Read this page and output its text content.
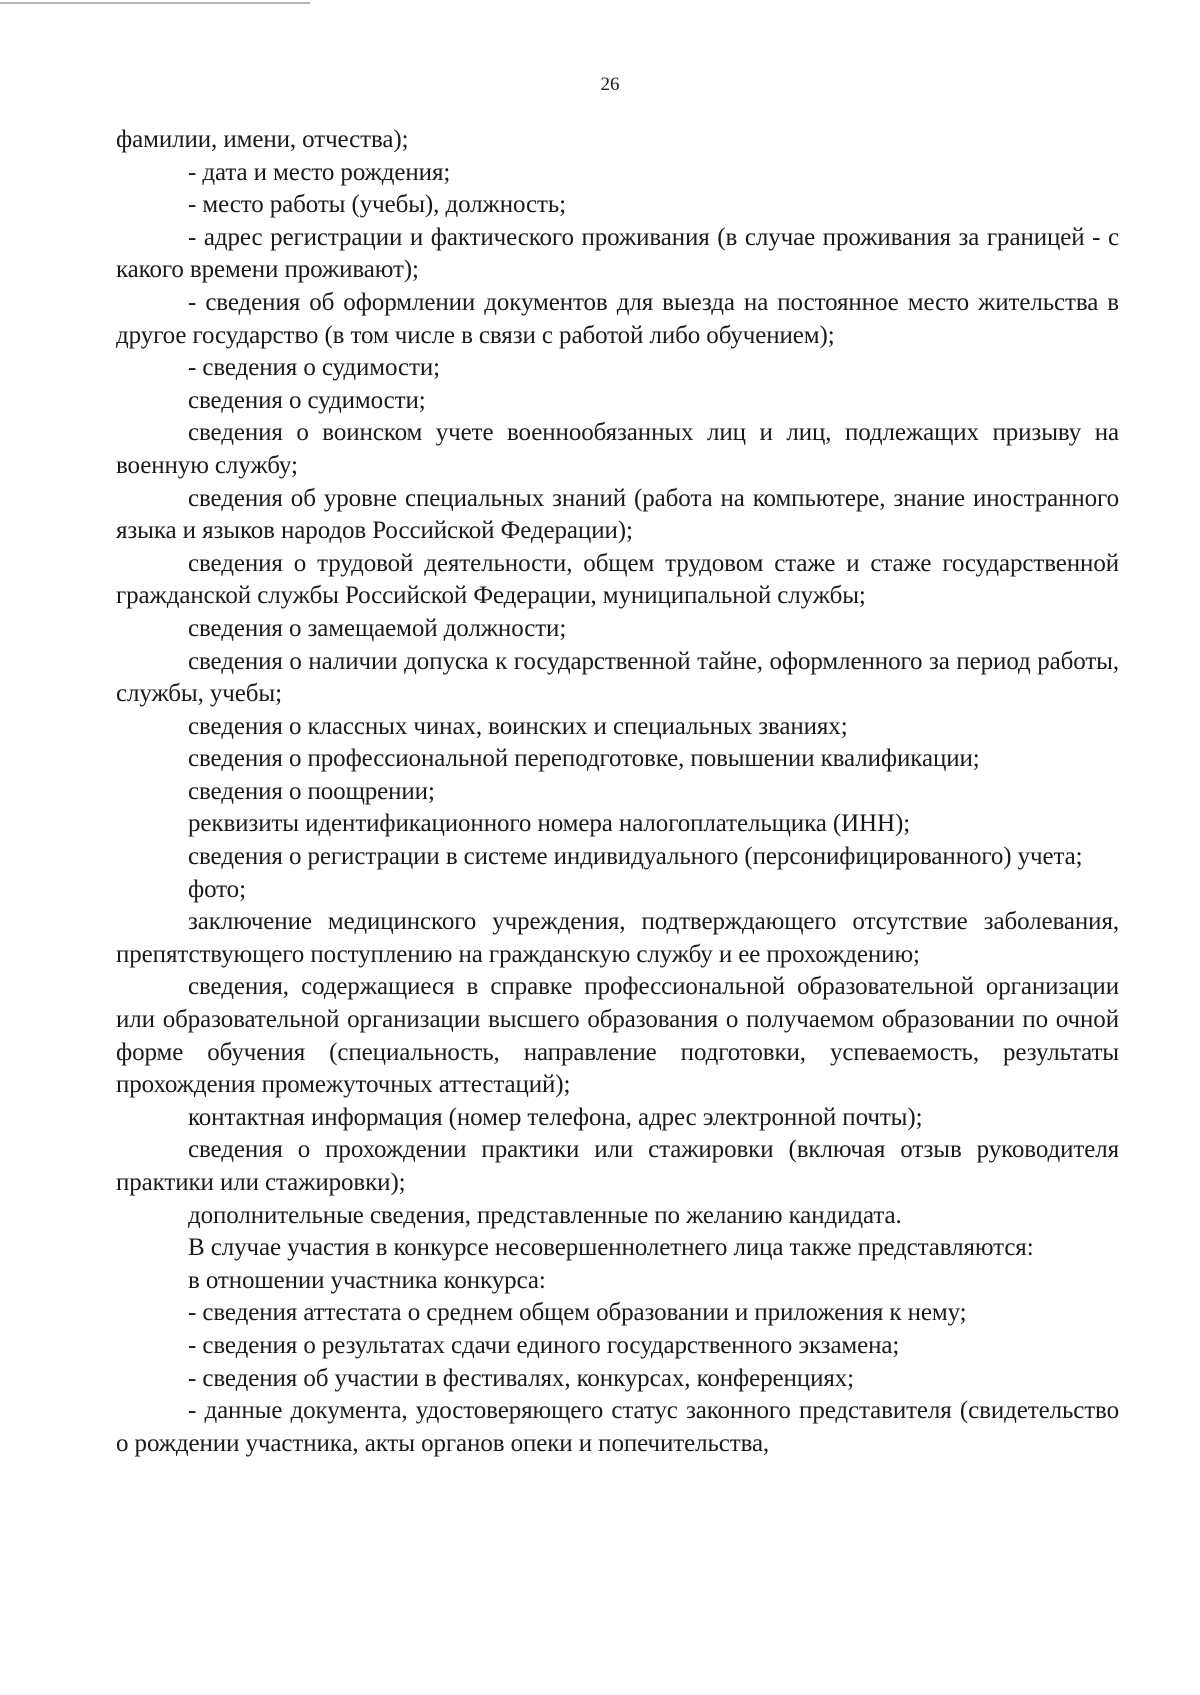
26

фамилии, имени, отчества);

- дата и место рождения;

- место работы (учебы), должность;

- адрес регистрации и фактического проживания (в случае проживания за границей - с какого времени проживают);

- сведения об оформлении документов для выезда на постоянное место жительства в другое государство (в том числе в связи с работой либо обучением);

- сведения о судимости;

сведения о судимости;

сведения о воинском учете военнообязанных лиц и лиц, подлежащих призыву на военную службу;

сведения об уровне специальных знаний (работа на компьютере, знание иностранного языка и языков народов Российской Федерации);

сведения о трудовой деятельности, общем трудовом стаже и стаже государственной гражданской службы Российской Федерации, муниципальной службы;

сведения о замещаемой должности;

сведения о наличии допуска к государственной тайне, оформленного за период работы, службы, учебы;

сведения о классных чинах, воинских и специальных званиях;

сведения о профессиональной переподготовке, повышении квалификации;

сведения о поощрении;

реквизиты идентификационного номера налогоплательщика (ИНН);

сведения о регистрации в системе индивидуального (персонифицированного) учета;

фото;

заключение медицинского учреждения, подтверждающего отсутствие заболевания, препятствующего поступлению на гражданскую службу и ее прохождению;

сведения, содержащиеся в справке профессиональной образовательной организации или образовательной организации высшего образования о получаемом образовании по очной форме обучения (специальность, направление подготовки, успеваемость, результаты прохождения промежуточных аттестаций);

контактная информация (номер телефона, адрес электронной почты);

сведения о прохождении практики или стажировки (включая отзыв руководителя практики или стажировки);

дополнительные сведения, представленные по желанию кандидата.

В случае участия в конкурсе несовершеннолетнего лица также представляются:

в отношении участника конкурса:

- сведения аттестата о среднем общем образовании и приложения к нему;

- сведения о результатах сдачи единого государственного экзамена;

- сведения об участии в фестивалях, конкурсах, конференциях;

- данные документа, удостоверяющего статус законного представителя (свидетельство о рождении участника, акты органов опеки и попечительства,
